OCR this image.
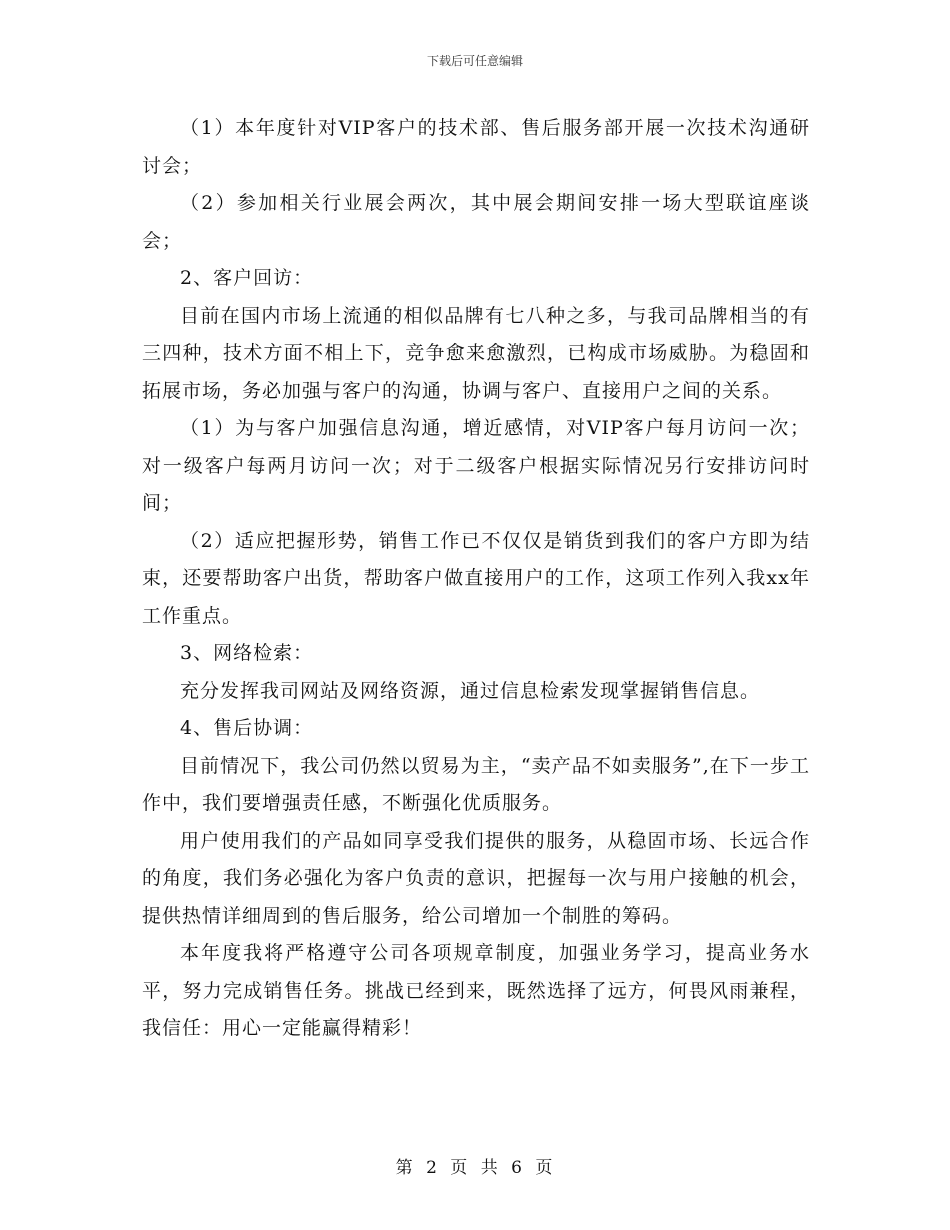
下载后可任意编辑

（1）本年度针对VIP客户的技术部、售后服务部开展一次技术沟通研讨会；

（2）参加相关行业展会两次，其中展会期间安排一场大型联谊座谈会；

2、客户回访：

目前在国内市场上流通的相似品牌有七八种之多，与我司品牌相当的有三四种，技术方面不相上下，竞争愈来愈激烈，已构成市场威胁。为稳固和拓展市场，务必加强与客户的沟通，协调与客户、直接用户之间的关系。

（1）为与客户加强信息沟通，增近感情，对VIP客户每月访问一次；对一级客户每两月访问一次；对于二级客户根据实际情况另行安排访问时间；

（2）适应把握形势，销售工作已不仅仅是销货到我们的客户方即为结束，还要帮助客户出货，帮助客户做直接用户的工作，这项工作列入我xx年工作重点。

3、网络检索：

充分发挥我司网站及网络资源，通过信息检索发现掌握销售信息。

4、售后协调：

目前情况下，我公司仍然以贸易为主，“卖产品不如卖服务”,在下一步工作中，我们要增强责任感，不断强化优质服务。

用户使用我们的产品如同享受我们提供的服务，从稳固市场、长远合作的角度，我们务必强化为客户负责的意识，把握每一次与用户接触的机会，提供热情详细周到的售后服务，给公司增加一个制胜的筹码。

本年度我将严格遵守公司各项规章制度，加强业务学习，提高业务水平，努力完成销售任务。挑战已经到来，既然选择了远方，何畏风雨兼程，我信任：用心一定能赢得精彩！

第 2 页 共 6 页
